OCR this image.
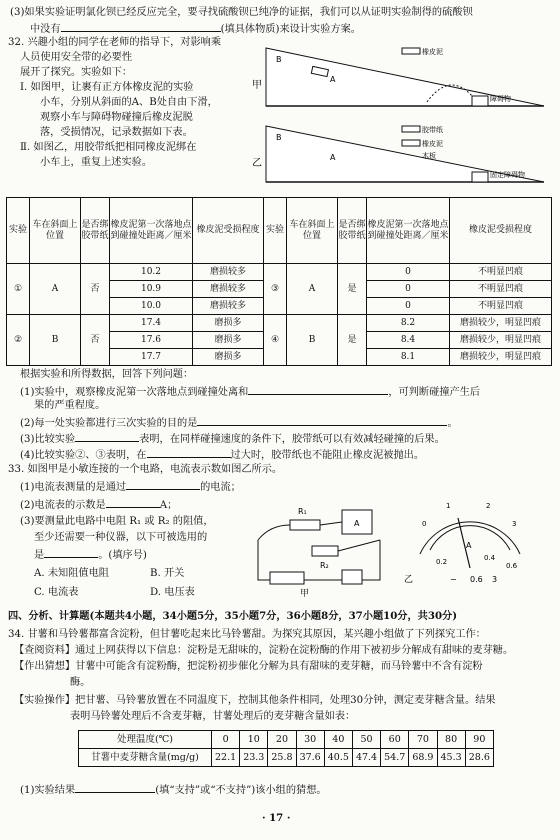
(3)如果实验证明氯化钡已经反应完全，要寻找硫酸钡已纯净的证据，我们可以从证明实验制得的硫酸钡
中没有	(填具体物质)来设计实验方案。
32. 兴趣小组的同学在老师的指导下，对影响乘
人员使用安全带的必要性
展开了探究。实验如下：
Ⅰ. 如图甲，让裹有正方体橡皮泥的实验
小车，分别从斜面的A、B处自由下滑，
观察小车与障碍物碰撞后橡皮泥脱
落，受损情况，记录数据如下表。
Ⅱ. 如图乙，用胶带纸把相同橡皮泥绑在
小车上，重复上述实验。
甲
B
A
橡皮泥
障碍物
乙
B
A
胶带纸
橡皮泥
木板
固定障碍物
实验	车在斜面上位置	是否绑胶带纸	橡皮泥第一次落地点到碰撞处距离／厘米	橡皮泥受损程度	实验	车在斜面上位置	是否绑胶带纸	橡皮泥第一次落地点到碰撞处距离／厘米	橡皮泥受损程度
①	A	否	10.2	磨损较多	③	A	是	0	不明显凹痕
			10.9	磨损较多				0	不明显凹痕
			10.0	磨损较多				0	不明显凹痕
②	B	否	17.4	磨损多	④	B	是	8.2	磨损较少，明显凹痕
			17.6	磨损多				8.4	磨损较少，明显凹痕
			17.7	磨损多				8.1	磨损较少，明显凹痕
根据实验和所得数据，回答下列问题：
(1)实验中，观察橡皮泥第一次落地点到碰撞处离和	，可判断碰撞产生后
果的严重程度。
(2)每一处实验都进行三次实验的目的是	。
(3)比较实验	表明，在同样碰撞速度的条件下，胶带纸可以有效减轻碰撞的后果。
(4)比较实验②、③表明，在	过大时，胶带纸也不能阻止橡皮泥被抛出。
33. 如图甲是小敏连接的一个电路，电流表示数如图乙所示。
(1)电流表测量的是通过	的电流；
(2)电流表的示数是	A；
(3)要测量此电路中电阻 R₁ 或 R₂ 的阻值，
至少还需要一种仪器，以下可被选用的
是	。(填序号)
A. 未知阻值电阻	B. 开关
C. 电流表	D. 电压表
R₁
R₂
A
甲
0
1	2
3
0.2	0.4
0.6
A
− 0.6 3
乙
四、分析、计算题(本题共4小题，34小题5分，35小题7分，36小题8分，37小题10分，共30分)
34. 甘薯和马铃薯都富含淀粉，但甘薯吃起来比马铃薯甜。为探究其原因，某兴趣小组做了下列探究工作：
【查阅资料】通过上网获得以下信息：淀粉是无甜味的，淀粉在淀粉酶的作用下被初步分解成有甜味的麦芽糖。
【作出猜想】甘薯中可能含有淀粉酶，把淀粉初步催化分解为具有甜味的麦芽糖，而马铃薯中不含有淀粉
酶。
【实验操作】把甘薯、马铃薯放置在不同温度下，控制其他条件相同，处理30分钟，测定麦芽糖含量。结果
表明马铃薯处理后不含麦芽糖，甘薯处理后的麦芽糖含量如表：
处理温度(℃)	0	10	20	30	40	50	60	70	80	90
甘薯中麦芽糖含量(mg/g)	22.1	23.3	25.8	37.6	40.5	47.4	54.7	68.9	45.3	28.6
(1)实验结果	(填“支持”或“不支持”)该小组的猜想。
· 17 ·
